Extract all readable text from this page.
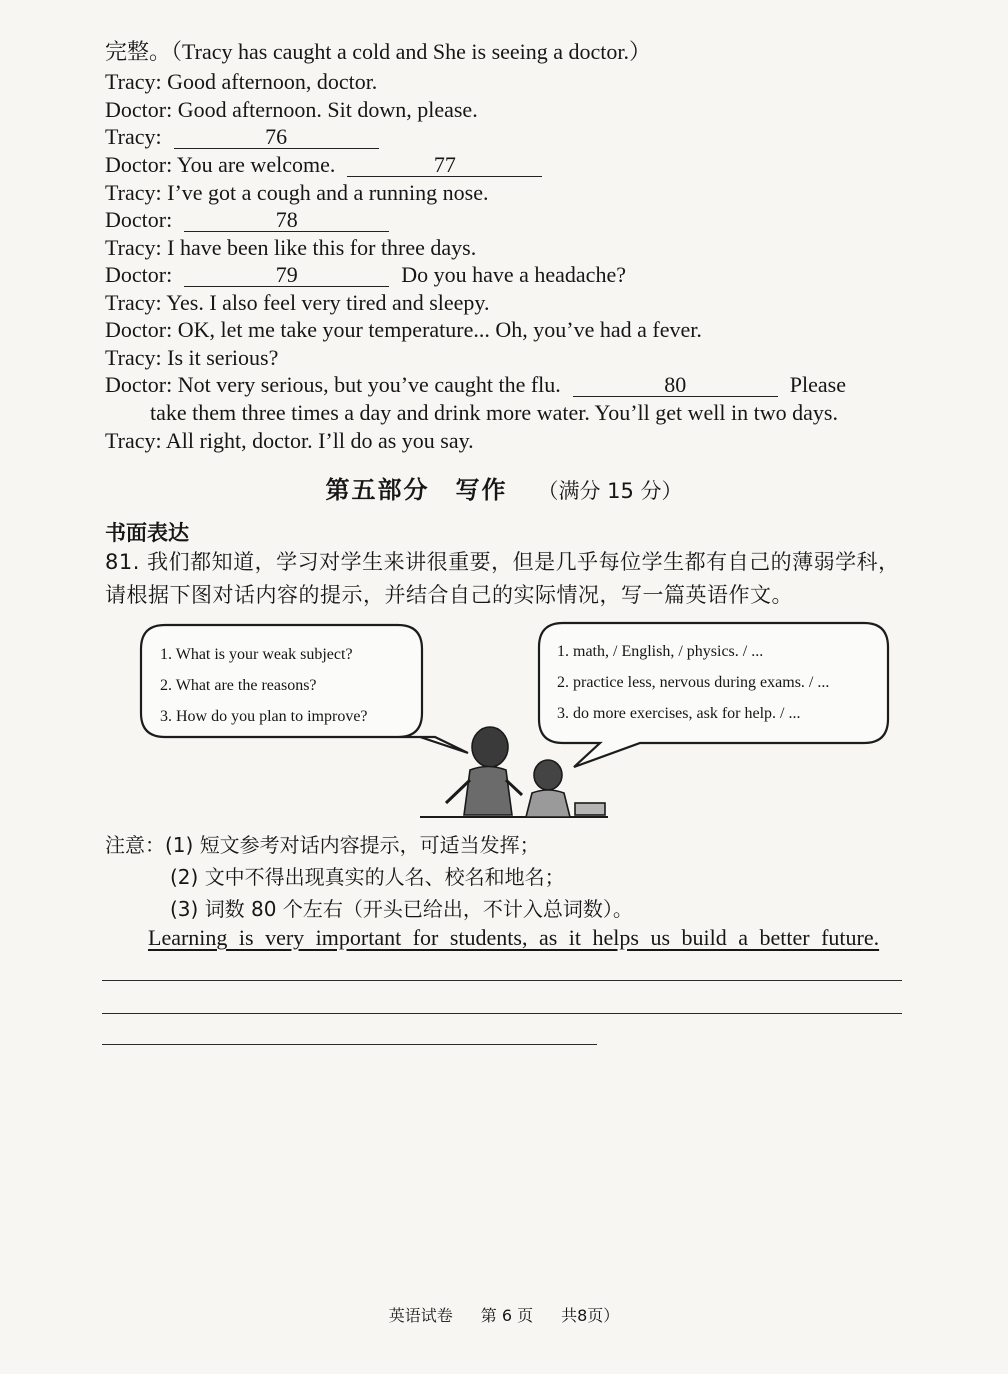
完整。（Tracy has caught a cold and She is seeing a doctor.）
Tracy: Good afternoon, doctor.
Doctor: Good afternoon. Sit down, please.
Tracy:	76
Doctor: You are welcome.	77
Tracy: I’ve got a cough and a running nose.
Doctor:	78
Tracy: I have been like this for three days.
Doctor:	79	Do you have a headache?
Tracy: Yes. I also feel very tired and sleepy.
Doctor: OK, let me take your temperature... Oh, you’ve had a fever.
Tracy: Is it serious?
Doctor: Not very serious, but you’ve caught the flu.	80	Please
take them three times a day and drink more water. You’ll get well in two days.
Tracy: All right, doctor. I’ll do as you say.
第五部分　写作 （满分 15 分）
书面表达
81. 我们都知道，学习对学生来讲很重要，但是几乎每位学生都有自己的薄弱学科，请根据下图对话内容的提示，并结合自己的实际情况，写一篇英语作文。
1. What is your weak subject?
2. What are the reasons?
3. How do you plan to improve?
1. math, / English, / physics. / ...
2. practice less, nervous during exams. / ...
3. do more exercises, ask for help. / ...
注意：(1) 短文参考对话内容提示，可适当发挥；
(2) 文中不得出现真实的人名、校名和地名；
(3) 词数 80 个左右（开头已给出，不计入总词数）。
Learning is very important for students, as it helps us build a better future.
英语试卷 第 6 页 共8页）
